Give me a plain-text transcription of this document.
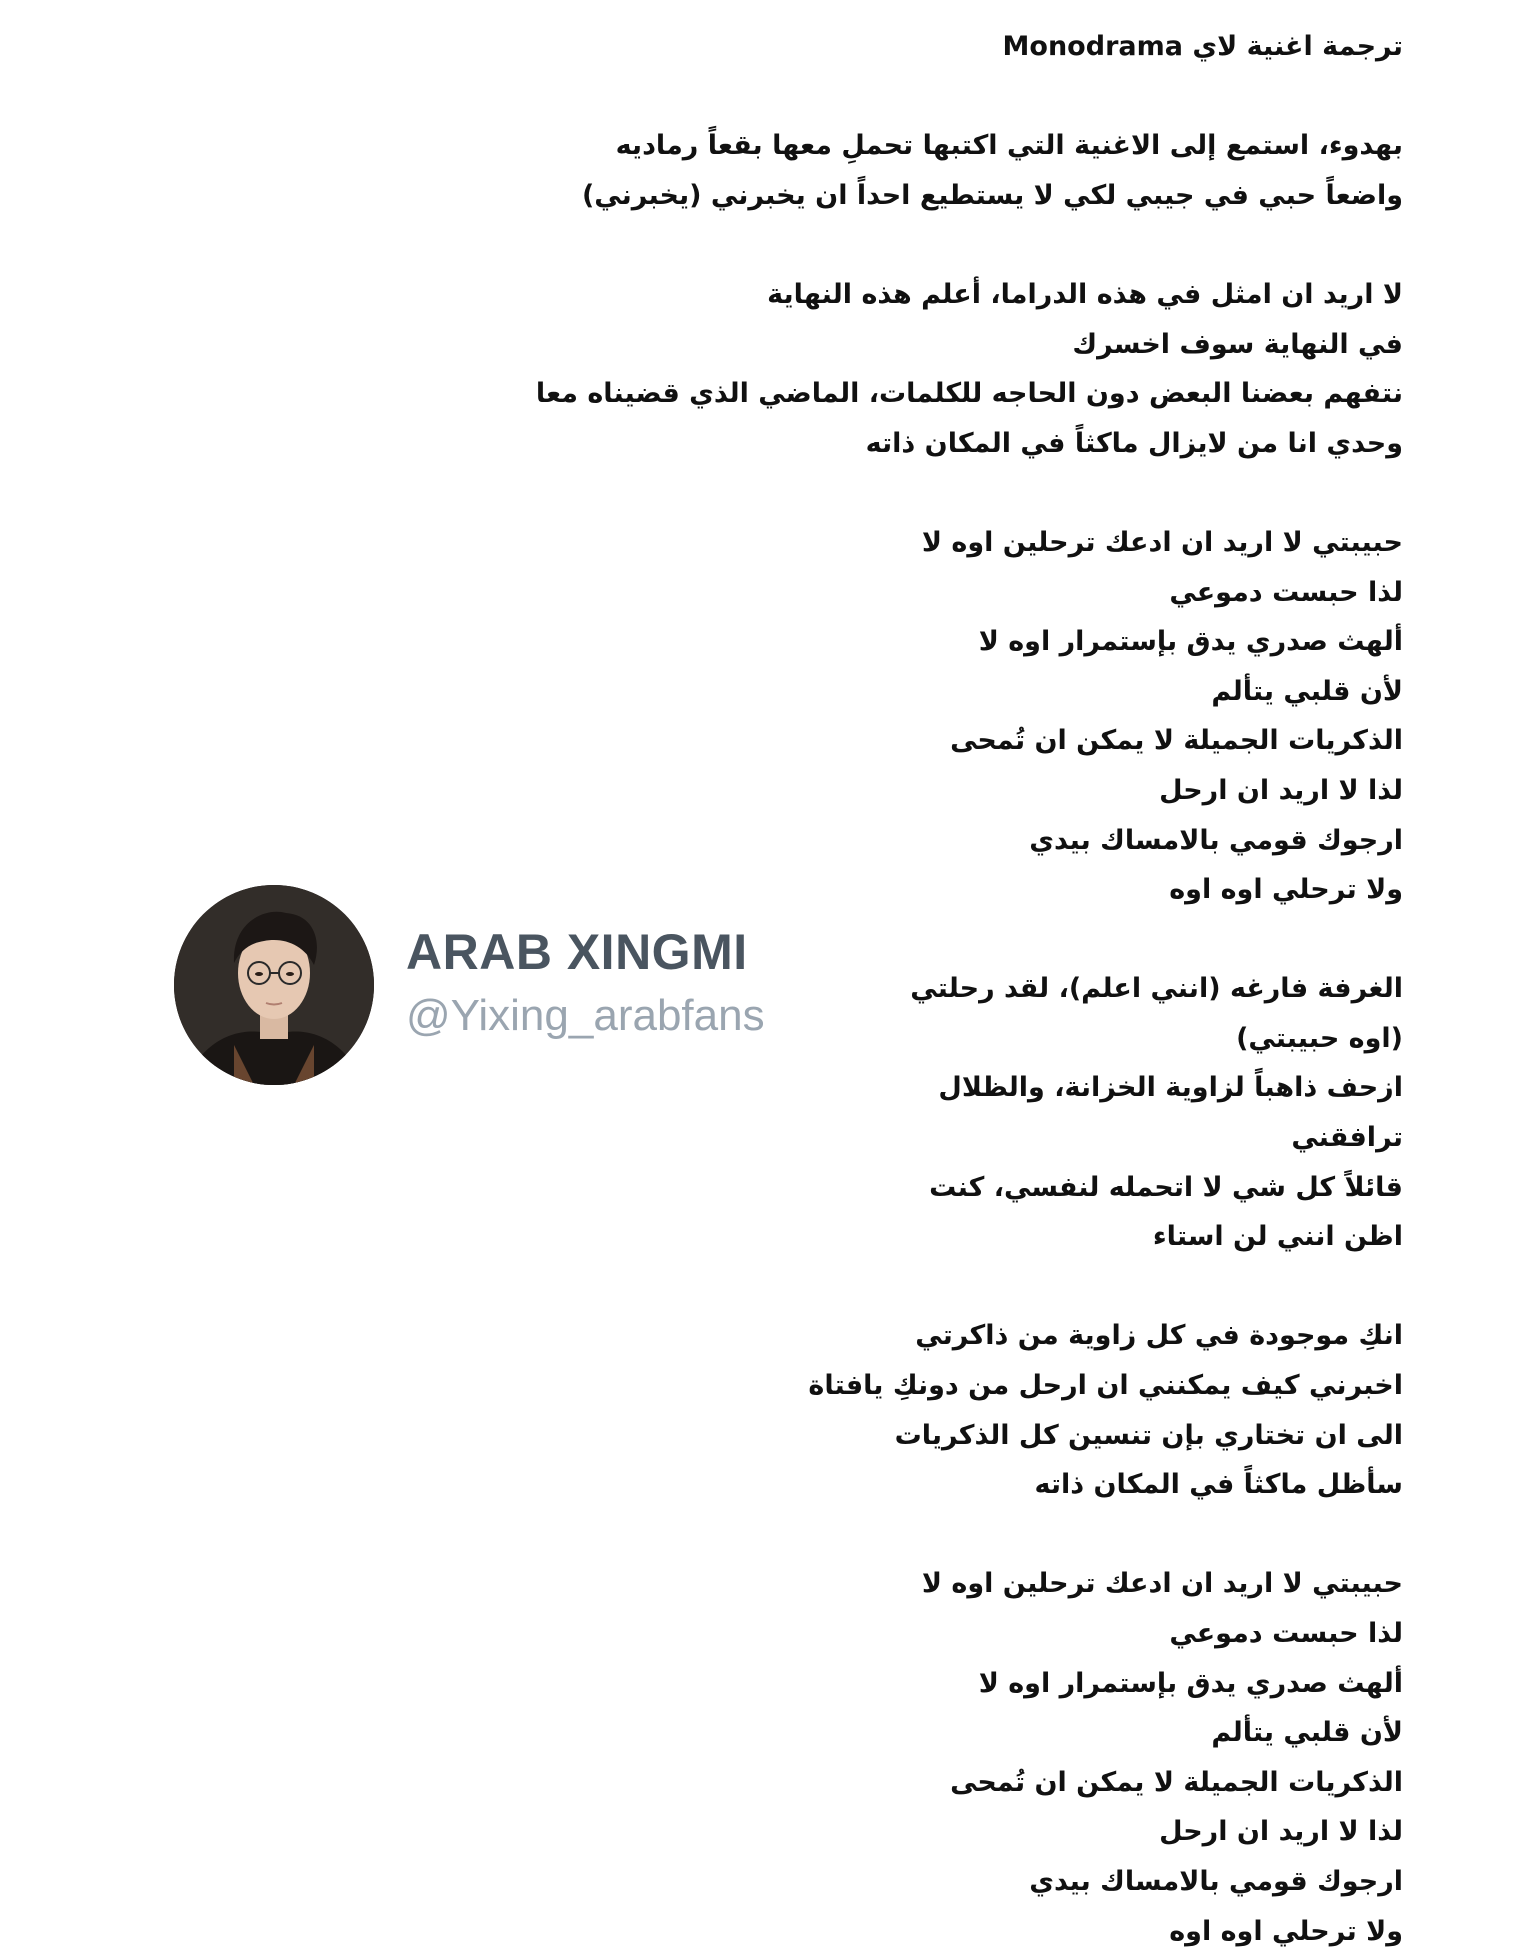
ترجمة اغنية لاي Monodrama
بهدوء، استمع إلى الاغنية التي اكتبها تحملِ معها بقعاً رماديه
واضعاً حبي في جيبي لكي لا يستطيع احداً ان يخبرني (يخبرني)
لا اريد ان امثل في هذه الدراما، أعلم هذه النهاية
في النهاية سوف اخسرك
نتفهم بعضنا البعض دون الحاجه للكلمات، الماضي الذي قضيناه معا
وحدي انا من لايزال ماكثاً في المكان ذاته
حبيبتي لا اريد ان ادعك ترحلين اوه لا
لذا حبست دموعي
ألهث صدري يدق بإستمرار اوه لا
لأن قلبي يتألم
الذكريات الجميلة لا يمكن ان تُمحى
لذا لا اريد ان ارحل
ارجوك قومي بالامساك بيدي
ولا ترحلي اوه اوه
الغرفة فارغه (انني اعلم)، لقد رحلتي
(اوه حبيبتي)
ازحف ذاهباً لزاوية الخزانة، والظلال
ترافقني
قائلاً كل شي لا اتحمله لنفسي، كنت
اظن انني لن استاء
انكِ موجودة في كل زاوية من ذاكرتي
اخبرني كيف يمكنني ان ارحل من دونكِ يافتاة
الى ان تختاري بإن تنسين كل الذكريات
سأظل ماكثاً في المكان ذاته
حبيبتي لا اريد ان ادعك ترحلين اوه لا
لذا حبست دموعي
ألهث صدري يدق بإستمرار اوه لا
لأن قلبي يتألم
الذكريات الجميلة لا يمكن ان تُمحى
لذا لا اريد ان ارحل
ارجوك قومي بالامساك بيدي
ولا ترحلي اوه اوه
ARAB XINGMI
@Yixing_arabfans
